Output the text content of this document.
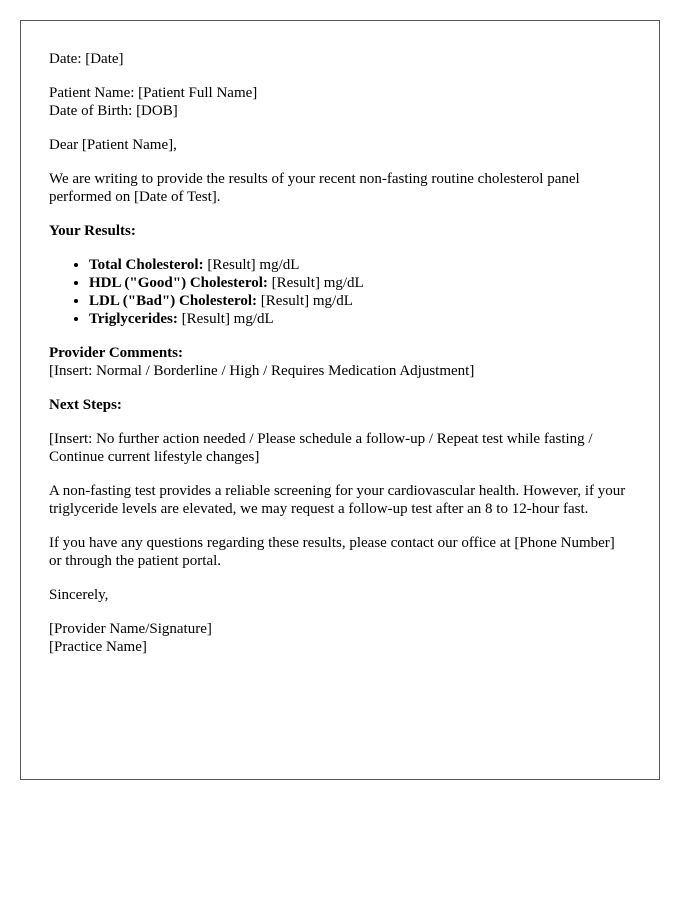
Date: [Date]

Patient Name: [Patient Full Name]
Date of Birth: [DOB]

Dear [Patient Name],

We are writing to provide the results of your recent non-fasting routine cholesterol panel performed on [Date of Test].

Your Results:

• Total Cholesterol: [Result] mg/dL
• HDL ("Good") Cholesterol: [Result] mg/dL
• LDL ("Bad") Cholesterol: [Result] mg/dL
• Triglycerides: [Result] mg/dL

Provider Comments:
[Insert: Normal / Borderline / High / Requires Medication Adjustment]

Next Steps:

[Insert: No further action needed / Please schedule a follow-up / Repeat test while fasting / Continue current lifestyle changes]

A non-fasting test provides a reliable screening for your cardiovascular health. However, if your triglyceride levels are elevated, we may request a follow-up test after an 8 to 12-hour fast.

If you have any questions regarding these results, please contact our office at [Phone Number] or through the patient portal.

Sincerely,

[Provider Name/Signature]
[Practice Name]
